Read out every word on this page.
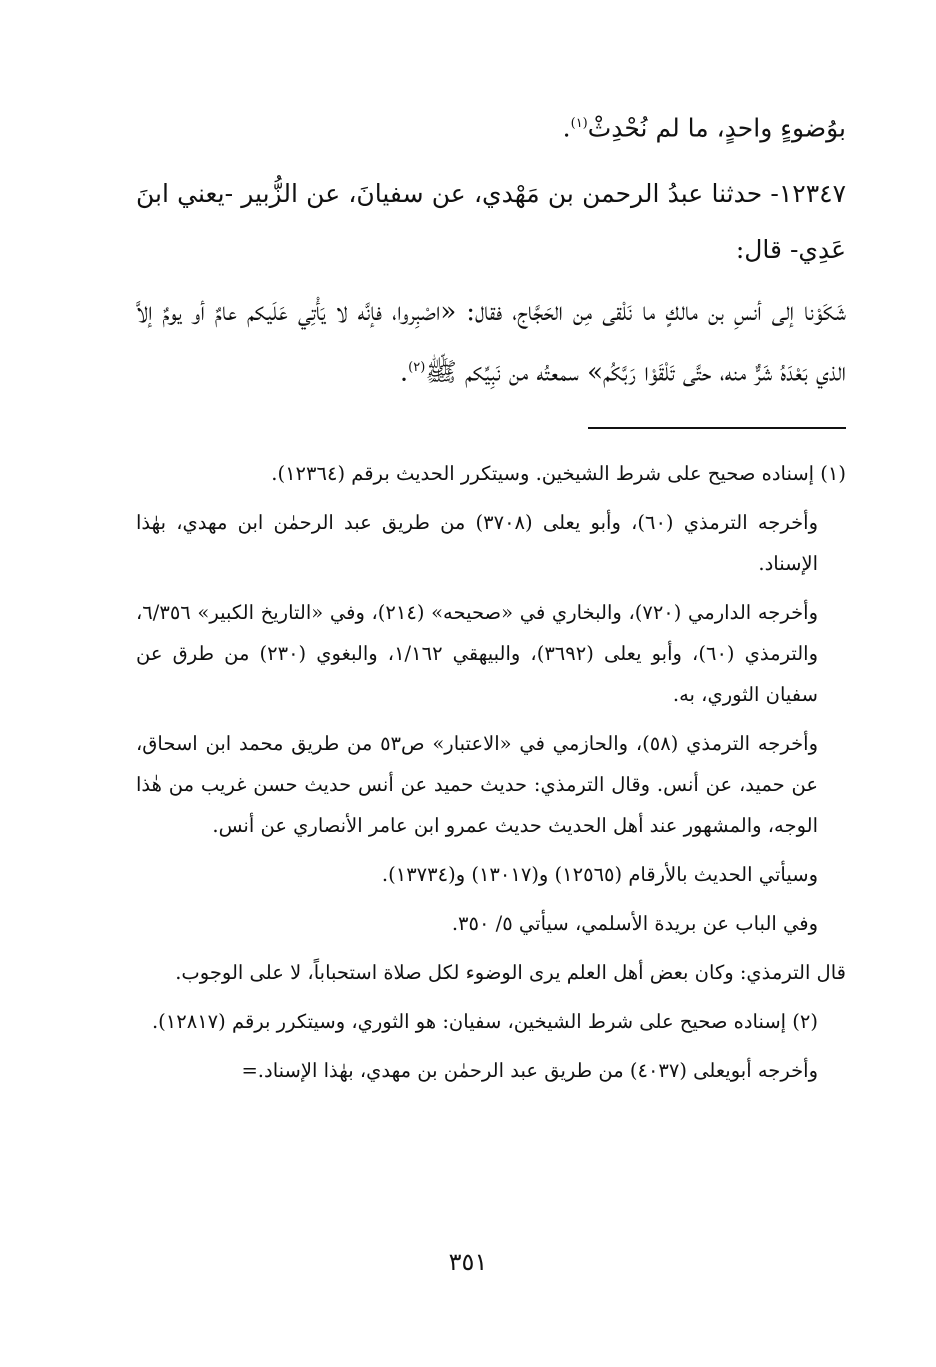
بوُضوءٍ واحدٍ، ما لم نُحْدِثْ$^{(١)}$.
١٢٣٤٧- حدثنا عبدُ الرحمن بن مَهْدي، عن سفيانَ، عن الزُّبير -يعني ابنَ عَدِي- قال:
شَكَوْنا إلى أنسِ بن مالكٍ ما نَلْقى مِن الحَجَّاج، فقال: «اصْبِروا، فإنَّه لا يَأْتِي عَلَيكم عامٌ أو يومٌ إلاَّ الذي بَعْدَهُ شَرٌّ منه، حتَّى تَلْقَوْا رَبَّكُم» سمعتُه من نَبِيِّكم ﷺ$^{(٢)}$.

(١) إسناده صحيح على شرط الشيخين. وسيتكرر الحديث برقم (١٢٣٦٤).

وأخرجه الترمذي (٦٠)، وأبو يعلى (٣٧٠٨) من طريق عبد الرحمٰن ابن مهدي، بهٰذا الإسناد.

وأخرجه الدارمي (٧٢٠)، والبخاري في «صحيحه» (٢١٤)، وفي «التاريخ الكبير» ٦/٣٥٦، والترمذي (٦٠)، وأبو يعلى (٣٦٩٢)، والبيهقي ١/١٦٢، والبغوي (٢٣٠) من طرق عن سفيان الثوري، به.

وأخرجه الترمذي (٥٨)، والحازمي في «الاعتبار» ص٥٣ من طريق محمد ابن اسحاق، عن حميد، عن أنس. وقال الترمذي: حديث حميد عن أنس حديث حسن غريب من هٰذا الوجه، والمشهور عند أهل الحديث حديث عمرو ابن عامر الأنصاري عن أنس.

وسيأتي الحديث بالأرقام (١٢٥٦٥) و(١٣٠١٧) و(١٣٧٣٤).

وفي الباب عن بريدة الأسلمي، سيأتي ٥/ ٣٥٠.

قال الترمذي: وكان بعض أهل العلم يرى الوضوء لكل صلاة استحباباً، لا على الوجوب.

(٢) إسناده صحيح على شرط الشيخين، سفيان: هو الثوري، وسيتكرر برقم (١٢٨١٧).

وأخرجه أبويعلى (٤٠٣٧) من طريق عبد الرحمٰن بن مهدي، بهٰذا الإسناد.=

٣٥١
